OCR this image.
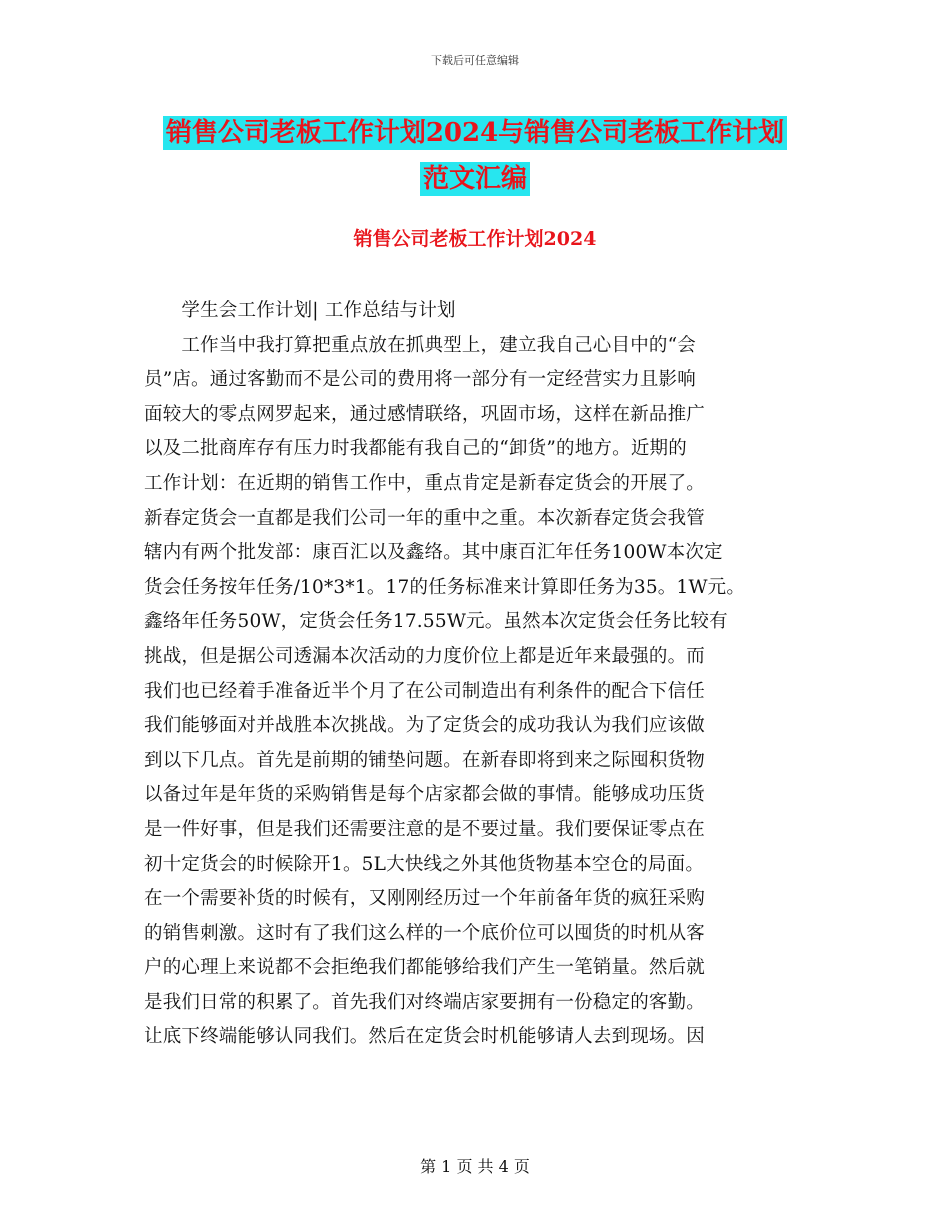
下载后可任意编辑
销售公司老板工作计划2024与销售公司老板工作计划
范文汇编
销售公司老板工作计划2024
　　学生会工作计划| 工作总结与计划
　　工作当中我打算把重点放在抓典型上，建立我自己心目中的“会
员”店。通过客勤而不是公司的费用将一部分有一定经营实力且影响
面较大的零点网罗起来，通过感情联络，巩固市场，这样在新品推广
以及二批商库存有压力时我都能有我自己的“卸货”的地方。近期的
工作计划：在近期的销售工作中，重点肯定是新春定货会的开展了。
新春定货会一直都是我们公司一年的重中之重。本次新春定货会我管
辖内有两个批发部：康百汇以及鑫络。其中康百汇年任务100W本次定
货会任务按年任务/10*3*1。17的任务标准来计算即任务为35。1W元。
鑫络年任务50W，定货会任务17.55W元。虽然本次定货会任务比较有
挑战，但是据公司透漏本次活动的力度价位上都是近年来最强的。而
我们也已经着手准备近半个月了在公司制造出有利条件的配合下信任
我们能够面对并战胜本次挑战。为了定货会的成功我认为我们应该做
到以下几点。首先是前期的铺垫问题。在新春即将到来之际囤积货物
以备过年是年货的采购销售是每个店家都会做的事情。能够成功压货
是一件好事，但是我们还需要注意的是不要过量。我们要保证零点在
初十定货会的时候除开1。5L大快线之外其他货物基本空仓的局面。
在一个需要补货的时候有，又刚刚经历过一个年前备年货的疯狂采购
的销售刺激。这时有了我们这么样的一个底价位可以囤货的时机从客
户的心理上来说都不会拒绝我们都能够给我们产生一笔销量。然后就
是我们日常的积累了。首先我们对终端店家要拥有一份稳定的客勤。
让底下终端能够认同我们。然后在定货会时机能够请人去到现场。因
第 1 页 共 4 页
